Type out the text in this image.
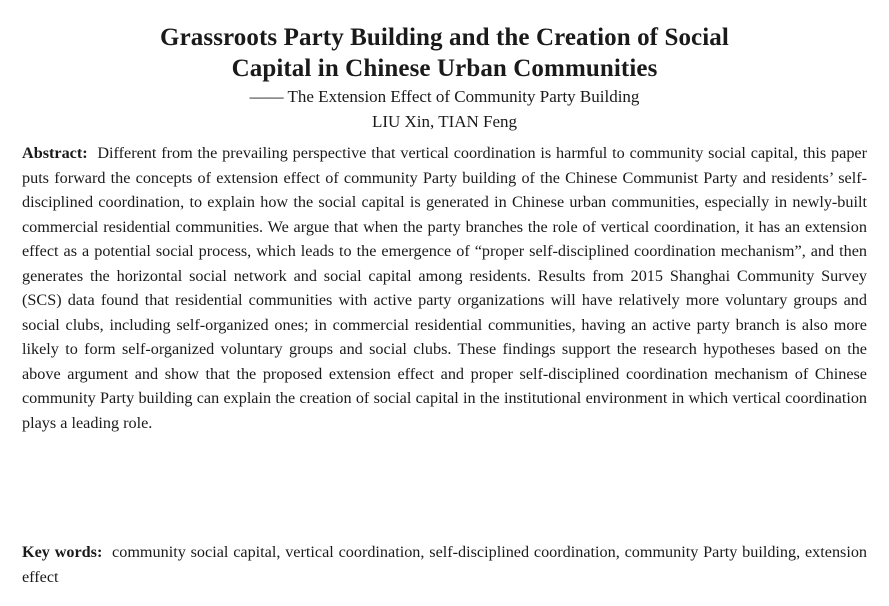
Grassroots Party Building and the Creation of Social
Capital in Chinese Urban Communities
—— The Extension Effect of Community Party Building
LIU Xin, TIAN Feng

Abstract: Different from the prevailing perspective that vertical coordination is harmful to community social capital, this paper puts forward the concepts of extension effect of community Party building of the Chinese Communist Party and residents’ self-disciplined coordination, to explain how the social capital is generated in Chinese urban communities, especially in newly-built commercial residential communities. We argue that when the party branches the role of vertical coordination, it has an extension effect as a potential social process, which leads to the emergence of “proper self-disciplined coordination mechanism”, and then generates the horizontal social network and social capital among residents. Results from 2015 Shanghai Community Survey (SCS) data found that residential communities with active party organizations will have relatively more voluntary groups and social clubs, including self-organized ones; in commercial residential communities, having an active party branch is also more likely to form self-organized voluntary groups and social clubs. These findings support the research hypotheses based on the above argument and show that the proposed extension effect and proper self-disciplined coordination mechanism of Chinese community Party building can explain the creation of social capital in the institutional environment in which vertical coordination plays a leading role.

Key words: community social capital, vertical coordination, self-disciplined coordination, community Party building, extension effect
